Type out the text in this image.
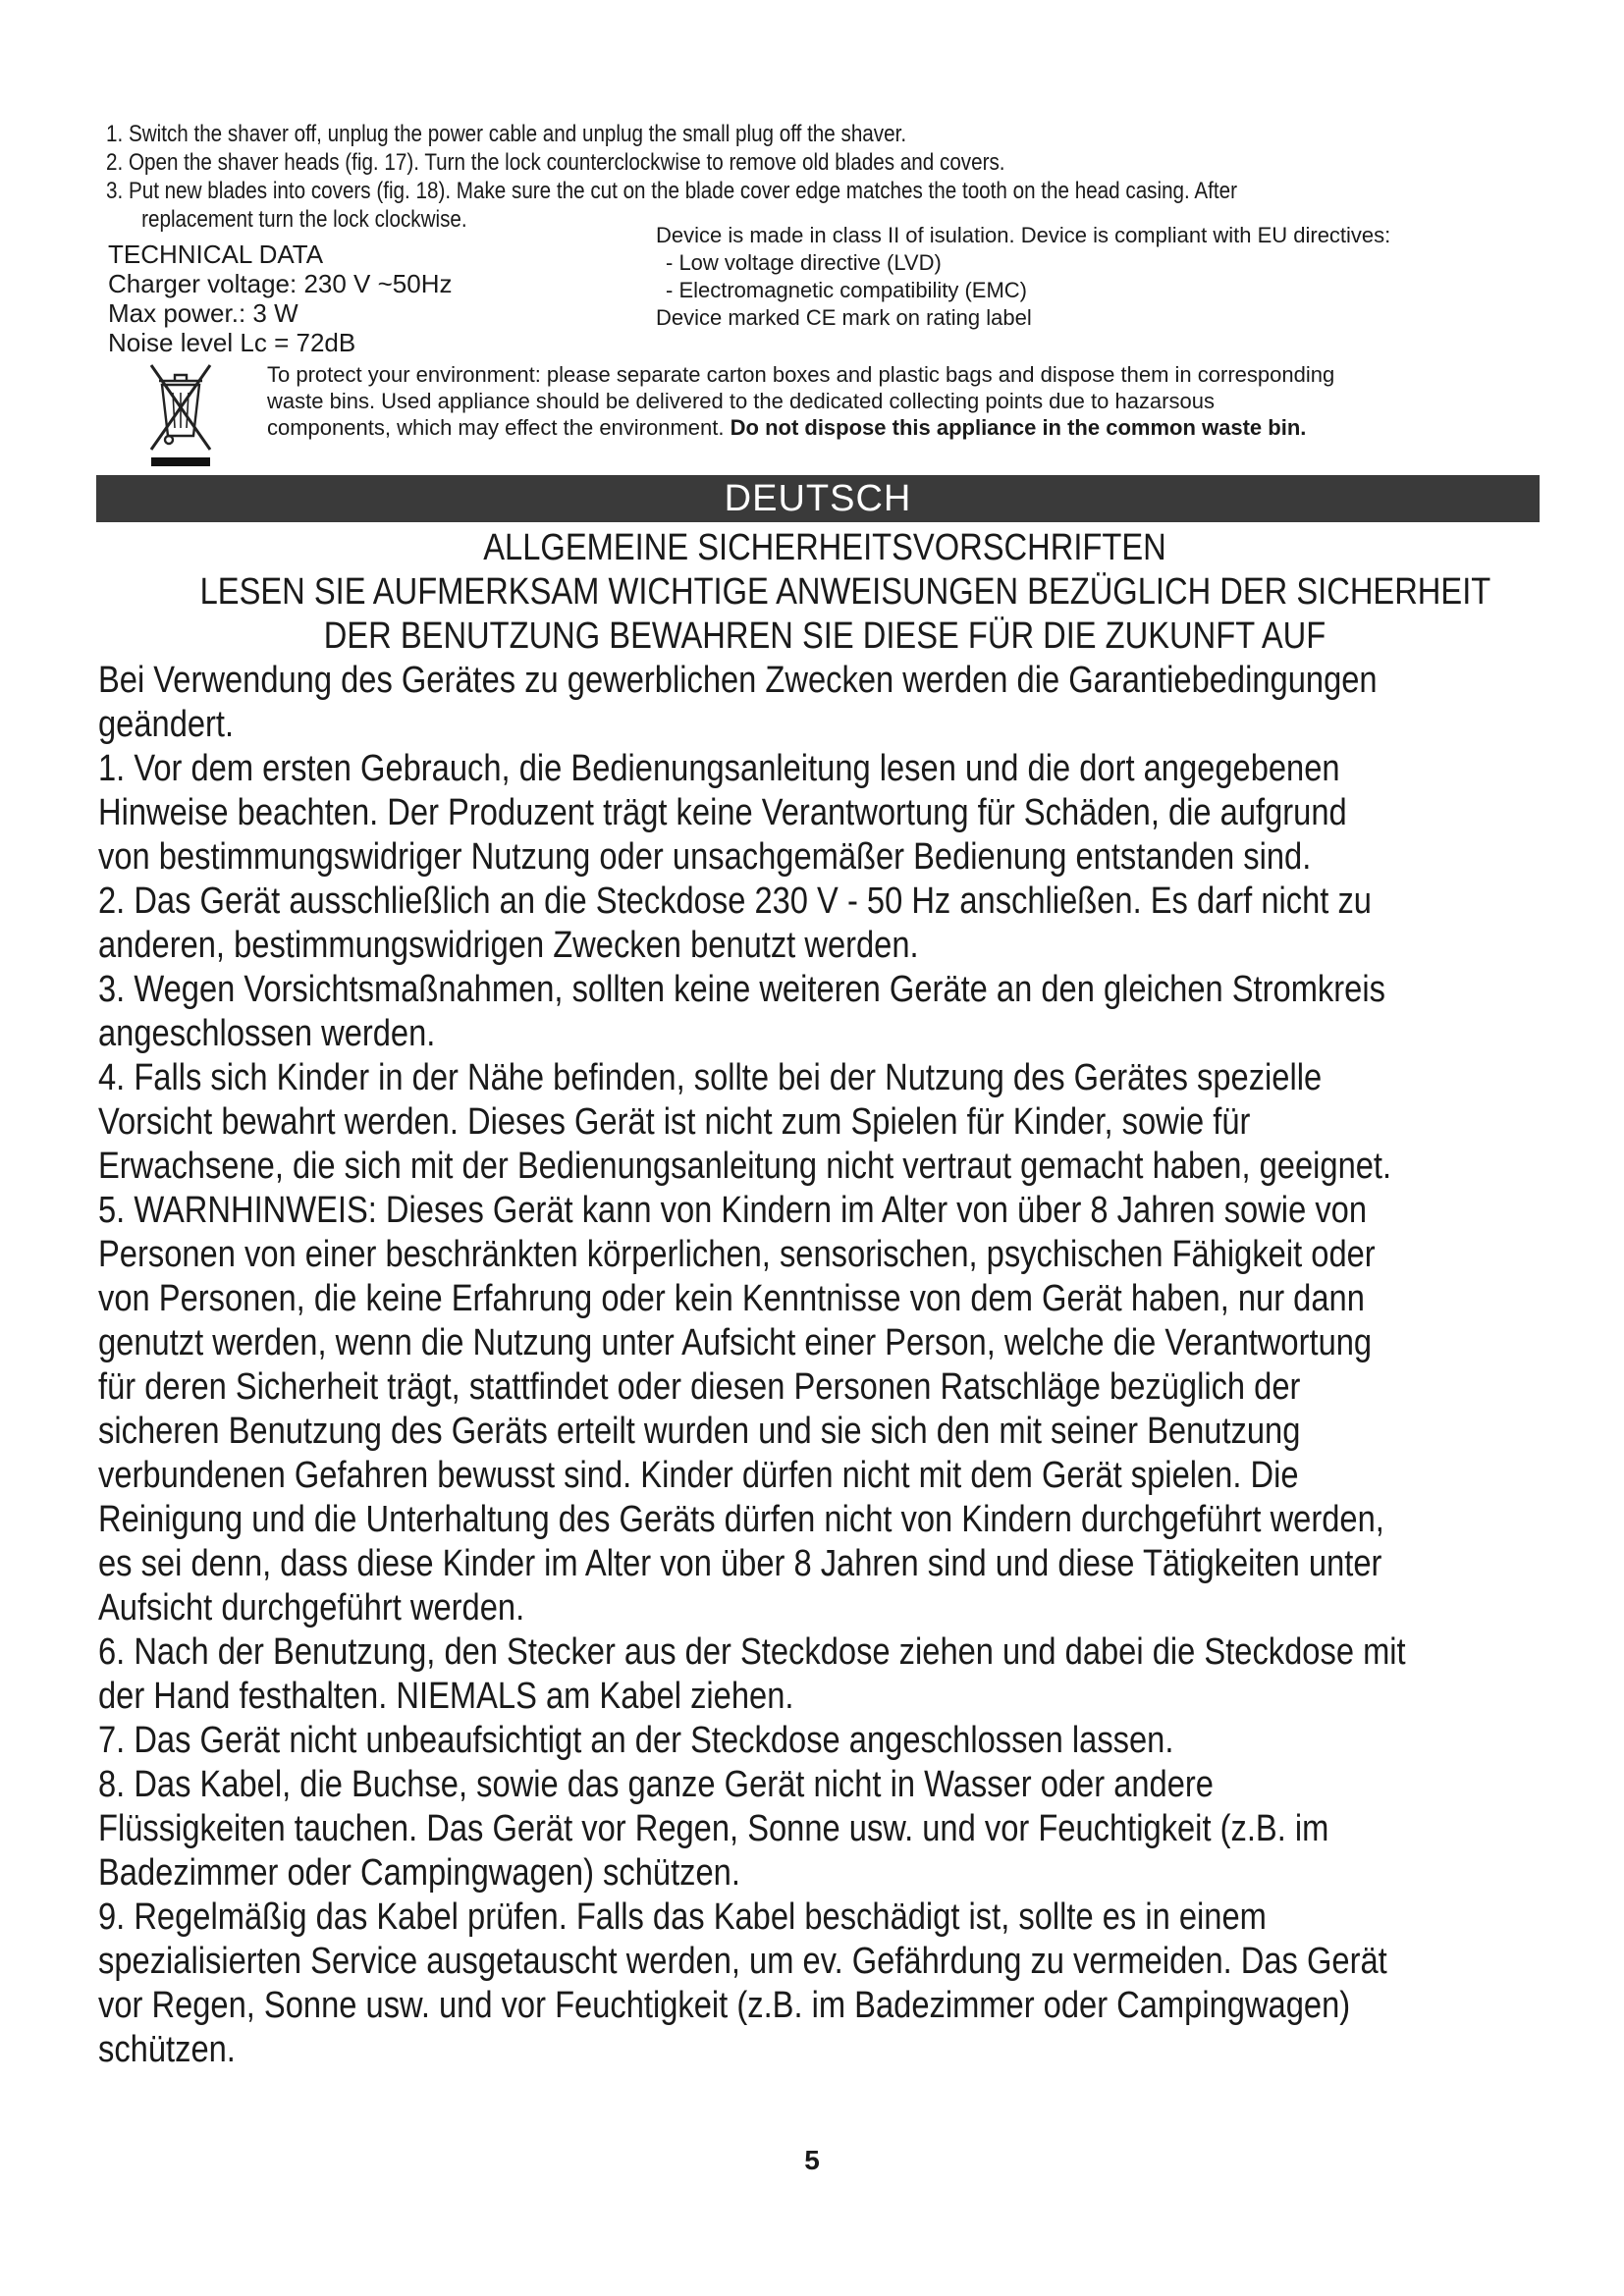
1. Switch the shaver off, unplug the power cable and unplug the small plug off the shaver.
2. Open the shaver heads (fig. 17). Turn the lock counterclockwise to remove old blades and covers.
3. Put new blades into covers (fig. 18). Make sure the cut on the blade cover edge matches the tooth on the head casing. After
replacement turn the lock clockwise.
TECHNICAL DATA
Charger voltage: 230 V ~50Hz
Max power.: 3 W
Noise level Lc = 72dB
Device is made in class II of isulation. Device is compliant with EU directives:
- Low voltage directive (LVD)
- Electromagnetic compatibility (EMC)
Device marked CE mark on rating label
To protect your environment: please separate carton boxes and plastic bags and dispose them in corresponding
waste bins. Used appliance should be delivered to the dedicated collecting points due to hazarsous
components, which may effect the environment. Do not dispose this appliance in the common waste bin.
DEUTSCH
ALLGEMEINE SICHERHEITSVORSCHRIFTEN
LESEN SIE AUFMERKSAM WICHTIGE ANWEISUNGEN BEZÜGLICH DER SICHERHEIT
DER BENUTZUNG BEWAHREN SIE DIESE FÜR DIE ZUKUNFT AUF
Bei Verwendung des Gerätes zu gewerblichen Zwecken werden die Garantiebedingungen
geändert.
1. Vor dem ersten Gebrauch, die Bedienungsanleitung lesen und die dort angegebenen
Hinweise beachten. Der Produzent trägt keine Verantwortung für Schäden, die aufgrund
von bestimmungswidriger Nutzung oder unsachgemäßer Bedienung entstanden sind.
2. Das Gerät ausschließlich an die Steckdose 230 V - 50 Hz anschließen. Es darf nicht zu
anderen, bestimmungswidrigen Zwecken benutzt werden.
3. Wegen Vorsichtsmaßnahmen, sollten keine weiteren Geräte an den gleichen Stromkreis
angeschlossen werden.
4. Falls sich Kinder in der Nähe befinden, sollte bei der Nutzung des Gerätes spezielle
Vorsicht bewahrt werden. Dieses Gerät ist nicht zum Spielen für Kinder, sowie für
Erwachsene, die sich mit der Bedienungsanleitung nicht vertraut gemacht haben, geeignet.
5. WARNHINWEIS: Dieses Gerät kann von Kindern im Alter von über 8 Jahren sowie von
Personen von einer beschränkten körperlichen, sensorischen, psychischen Fähigkeit oder
von Personen, die keine Erfahrung oder kein Kenntnisse von dem Gerät haben, nur dann
genutzt werden, wenn die Nutzung unter Aufsicht einer Person, welche die Verantwortung
für deren Sicherheit trägt, stattfindet oder diesen Personen Ratschläge bezüglich der
sicheren Benutzung des Geräts erteilt wurden und sie sich den mit seiner Benutzung
verbundenen Gefahren bewusst sind. Kinder dürfen nicht mit dem Gerät spielen. Die
Reinigung und die Unterhaltung des Geräts dürfen nicht von Kindern durchgeführt werden,
es sei denn, dass diese Kinder im Alter von über 8 Jahren sind und diese Tätigkeiten unter
Aufsicht durchgeführt werden.
6. Nach der Benutzung, den Stecker aus der Steckdose ziehen und dabei die Steckdose mit
der Hand festhalten. NIEMALS am Kabel ziehen.
7. Das Gerät nicht unbeaufsichtigt an der Steckdose angeschlossen lassen.
8. Das Kabel, die Buchse, sowie das ganze Gerät nicht in Wasser oder andere
Flüssigkeiten tauchen. Das Gerät vor Regen, Sonne usw. und vor Feuchtigkeit (z.B. im
Badezimmer oder Campingwagen) schützen.
9. Regelmäßig das Kabel prüfen. Falls das Kabel beschädigt ist, sollte es in einem
spezialisierten Service ausgetauscht werden, um ev. Gefährdung zu vermeiden. Das Gerät
vor Regen, Sonne usw. und vor Feuchtigkeit (z.B. im Badezimmer oder Campingwagen)
schützen.
5
